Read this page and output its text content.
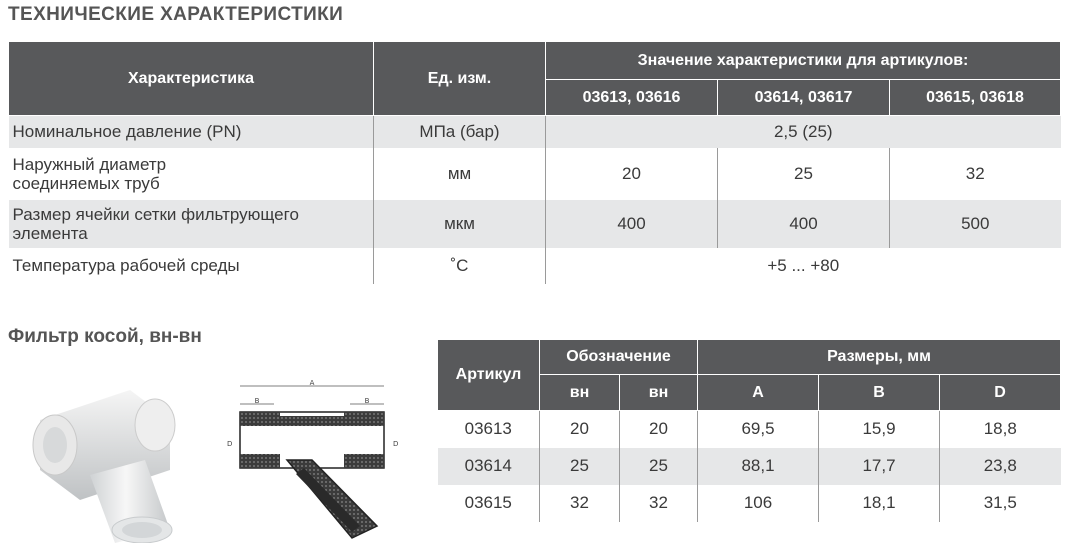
ТЕХНИЧЕСКИЕ ХАРАКТЕРИСТИКИ
Характеристика	Ед. изм.	Значение характеристики для артикулов:		
		03613, 03616	03614, 03617	03615, 03618
Номинальное давление (PN)	МПа (бар)	2,5 (25)		

Наружный диаметр
соединяемых труб	мм	20	25	32

Размер ячейки сетки фильтрующего
элемента	мкм	400	400	500
Температура рабочей среды	˚С	+5 ... +80		
Фильтр косой, вн-вн
A
B	B
D	D
Артикул	Обозначение		Размеры, мм		
	вн	вн	A	B	D
03613	20	20	69,5	15,9	18,8
03614	25	25	88,1	17,7	23,8
03615	32	32	106	18,1	31,5
